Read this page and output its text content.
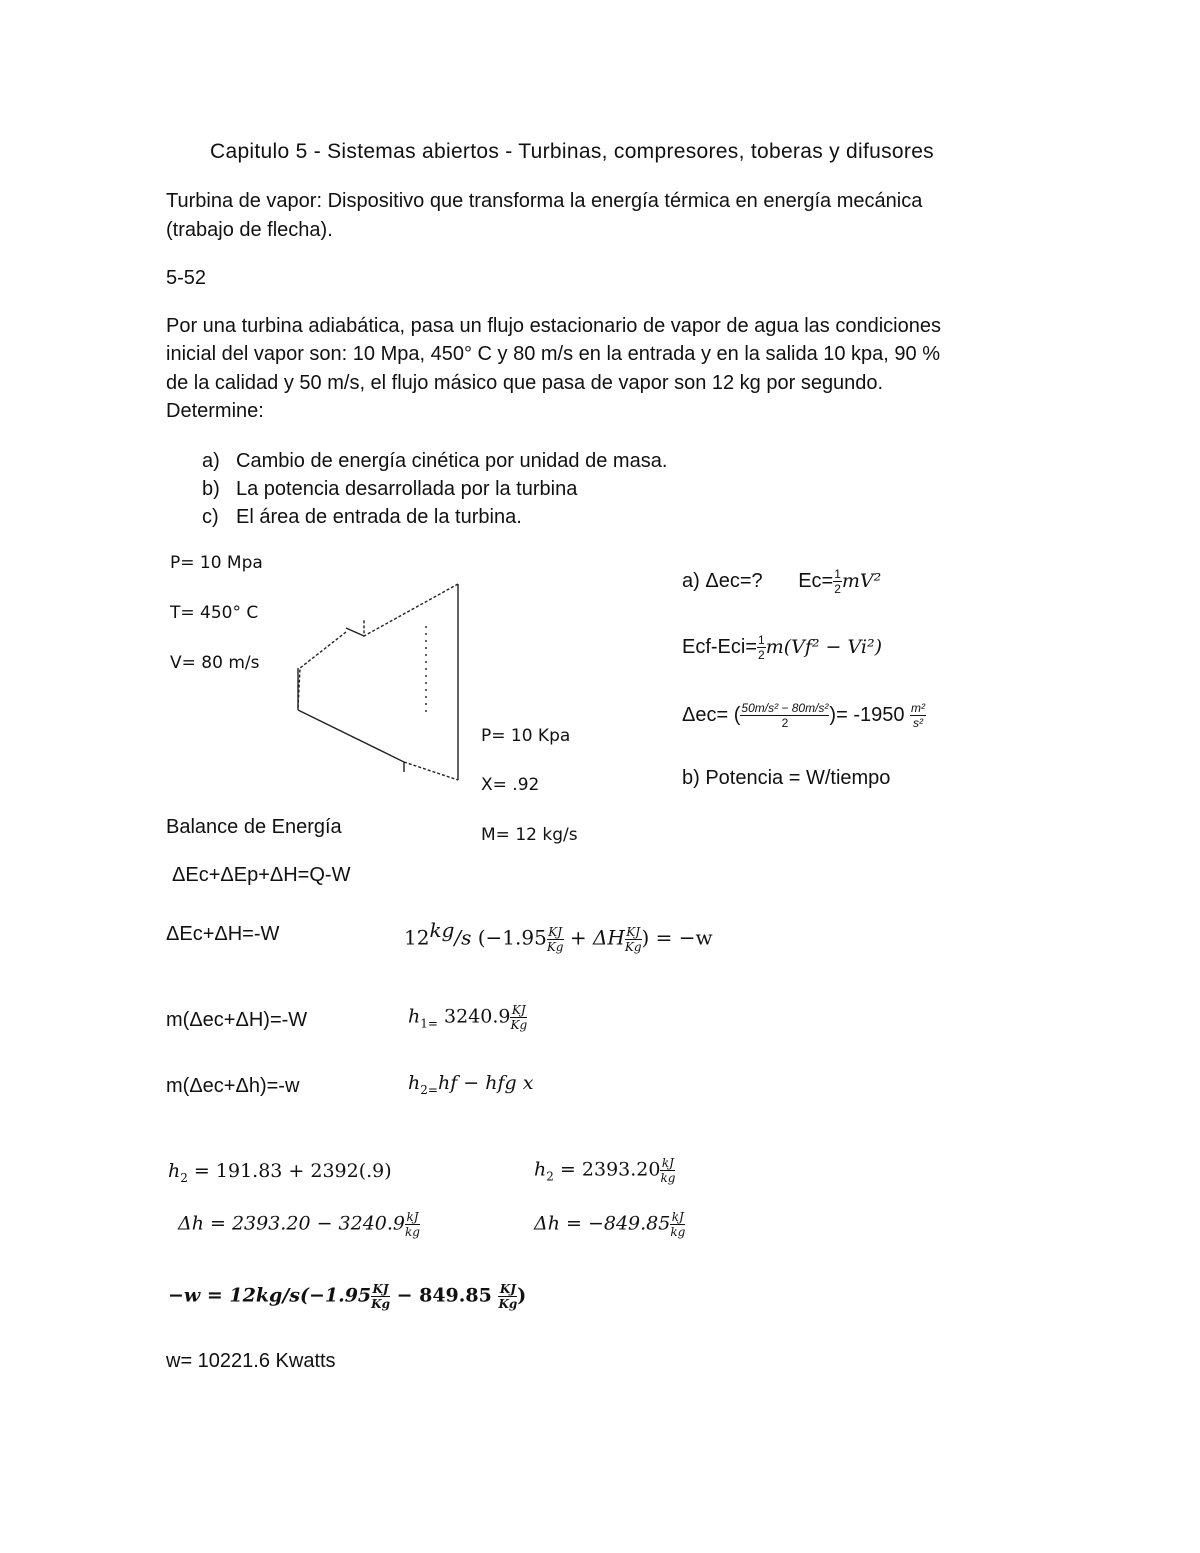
Capitulo 5 - Sistemas abiertos - Turbinas, compresores, toberas y difusores
Turbina de vapor: Dispositivo que transforma la energía térmica en energía mecánica
(trabajo de flecha).
5-52
Por una turbina adiabática, pasa un flujo estacionario de vapor de agua las condiciones
inicial del vapor son: 10 Mpa, 450° C y 80 m/s en la entrada y en la salida 10 kpa, 90 %
de la calidad y 50 m/s, el flujo másico que pasa de vapor son 12 kg por segundo.
Determine:
a) Cambio de energía cinética por unidad de masa.
b) La potencia desarrollada por la turbina
c) El área de entrada de la turbina.
P= 10 Mpa
T= 450° C
V= 80 m/s
P= 10 Kpa
X= .92
M= 12 kg/s
a) Δec=? $Ec= \frac{1}{2} mV^2$
$Ecf-Eci= \frac{1}{2} m(Vf^2 - Vi^2)$
Δec= ( $\frac{\text{50m/s² − 80m/s²}}{2}$ )= $-1950 \frac{\text{m²}}{\text{s²}}$
b) Potencia = W/tiempo
Balance de Energía
ΔEc+ΔEp+ΔH=Q-W
ΔEc+ΔH=-W
m(Δec+ΔH)=-W
m(Δec+Δh)=-w
$12^{kg}/s$ ($-1.95 \frac{KJ}{Kg} + \Delta H \frac{KJ}{Kg}$ ) = −w
$h_{1=}$ $3240.9 \frac{KJ}{Kg}$
$h_{2=}hf$ − hfg x
$h_2 = 191.83 + 2392(.9)$	$h_2 = 2393.20 \frac{kJ}{kg}$
$\Delta h = 2393.20 - 3240.9 \frac{kJ}{kg}$	$\Delta h = -849.85 \frac{kJ}{kg}$
$-w = 12kg/s(-1.95 \frac{KJ}{Kg} - 849.85 \frac{KJ}{Kg}$ )
w= 10221.6 Kwatts
